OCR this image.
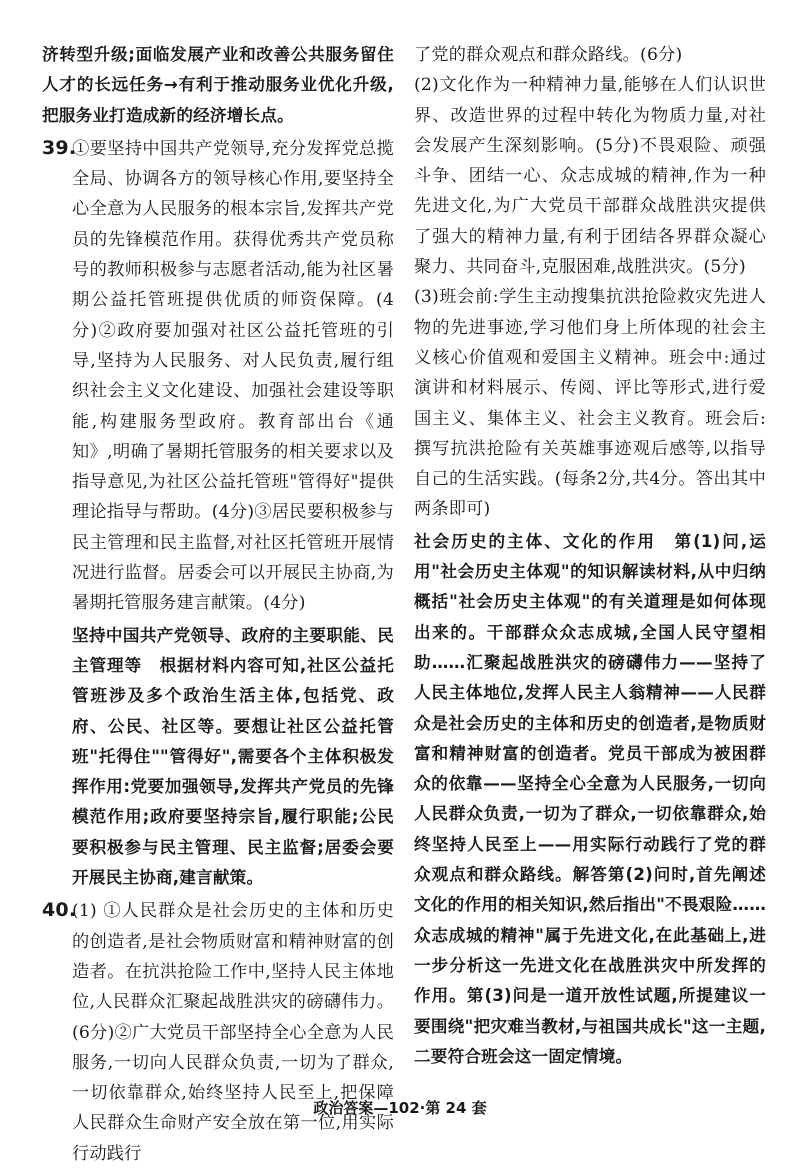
济转型升级;面临发展产业和改善公共服务留住人才的长远任务→有利于推动服务业优化升级,把服务业打造成新的经济增长点。

39.①要坚持中国共产党领导,充分发挥党总揽全局、协调各方的领导核心作用,要坚持全心全意为人民服务的根本宗旨,发挥共产党员的先锋模范作用。获得优秀共产党员称号的教师积极参与志愿者活动,能为社区暑期公益托管班提供优质的师资保障。(4分)②政府要加强对社区公益托管班的引导,坚持为人民服务、对人民负责,履行组织社会主义文化建设、加强社会建设等职能,构建服务型政府。教育部出台《通知》,明确了暑期托管服务的相关要求以及指导意见,为社区公益托管班"管得好"提供理论指导与帮助。(4分)③居民要积极参与民主管理和民主监督,对社区托管班开展情况进行监督。居委会可以开展民主协商,为暑期托管服务建言献策。(4分)

坚持中国共产党领导、政府的主要职能、民主管理等　根据材料内容可知,社区公益托管班涉及多个政治生活主体,包括党、政府、公民、社区等。要想让社区公益托管班"托得住""管得好",需要各个主体积极发挥作用:党要加强领导,发挥共产党员的先锋模范作用;政府要坚持宗旨,履行职能;公民要积极参与民主管理、民主监督;居委会要开展民主协商,建言献策。

40.(1) ①人民群众是社会历史的主体和历史的创造者,是社会物质财富和精神财富的创造者。在抗洪抢险工作中,坚持人民主体地位,人民群众汇聚起战胜洪灾的磅礴伟力。(6分)②广大党员干部坚持全心全意为人民服务,一切向人民群众负责,一切为了群众,一切依靠群众,始终坚持人民至上,把保障人民群众生命财产安全放在第一位,用实际行动践行

了党的群众观点和群众路线。(6分)

(2)文化作为一种精神力量,能够在人们认识世界、改造世界的过程中转化为物质力量,对社会发展产生深刻影响。(5分)不畏艰险、顽强斗争、团结一心、众志成城的精神,作为一种先进文化,为广大党员干部群众战胜洪灾提供了强大的精神力量,有利于团结各界群众凝心聚力、共同奋斗,克服困难,战胜洪灾。(5分)

(3)班会前:学生主动搜集抗洪抢险救灾先进人物的先进事迹,学习他们身上所体现的社会主义核心价值观和爱国主义精神。班会中:通过演讲和材料展示、传阅、评比等形式,进行爱国主义、集体主义、社会主义教育。班会后:撰写抗洪抢险有关英雄事迹观后感等,以指导自己的生活实践。(每条2分,共4分。答出其中两条即可)

社会历史的主体、文化的作用　第(1)问,运用"社会历史主体观"的知识解读材料,从中归纳概括"社会历史主体观"的有关道理是如何体现出来的。干部群众众志成城,全国人民守望相助……汇聚起战胜洪灾的磅礴伟力——坚持了人民主体地位,发挥人民主人翁精神——人民群众是社会历史的主体和历史的创造者,是物质财富和精神财富的创造者。党员干部成为被困群众的依靠——坚持全心全意为人民服务,一切向人民群众负责,一切为了群众,一切依靠群众,始终坚持人民至上——用实际行动践行了党的群众观点和群众路线。解答第(2)问时,首先阐述文化的作用的相关知识,然后指出"不畏艰险……众志成城的精神"属于先进文化,在此基础上,进一步分析这一先进文化在战胜洪灾中所发挥的作用。第(3)问是一道开放性试题,所提建议一要围绕"把灾难当教材,与祖国共成长"这一主题,二要符合班会这一固定情境。

政治答案—102·第 24 套
